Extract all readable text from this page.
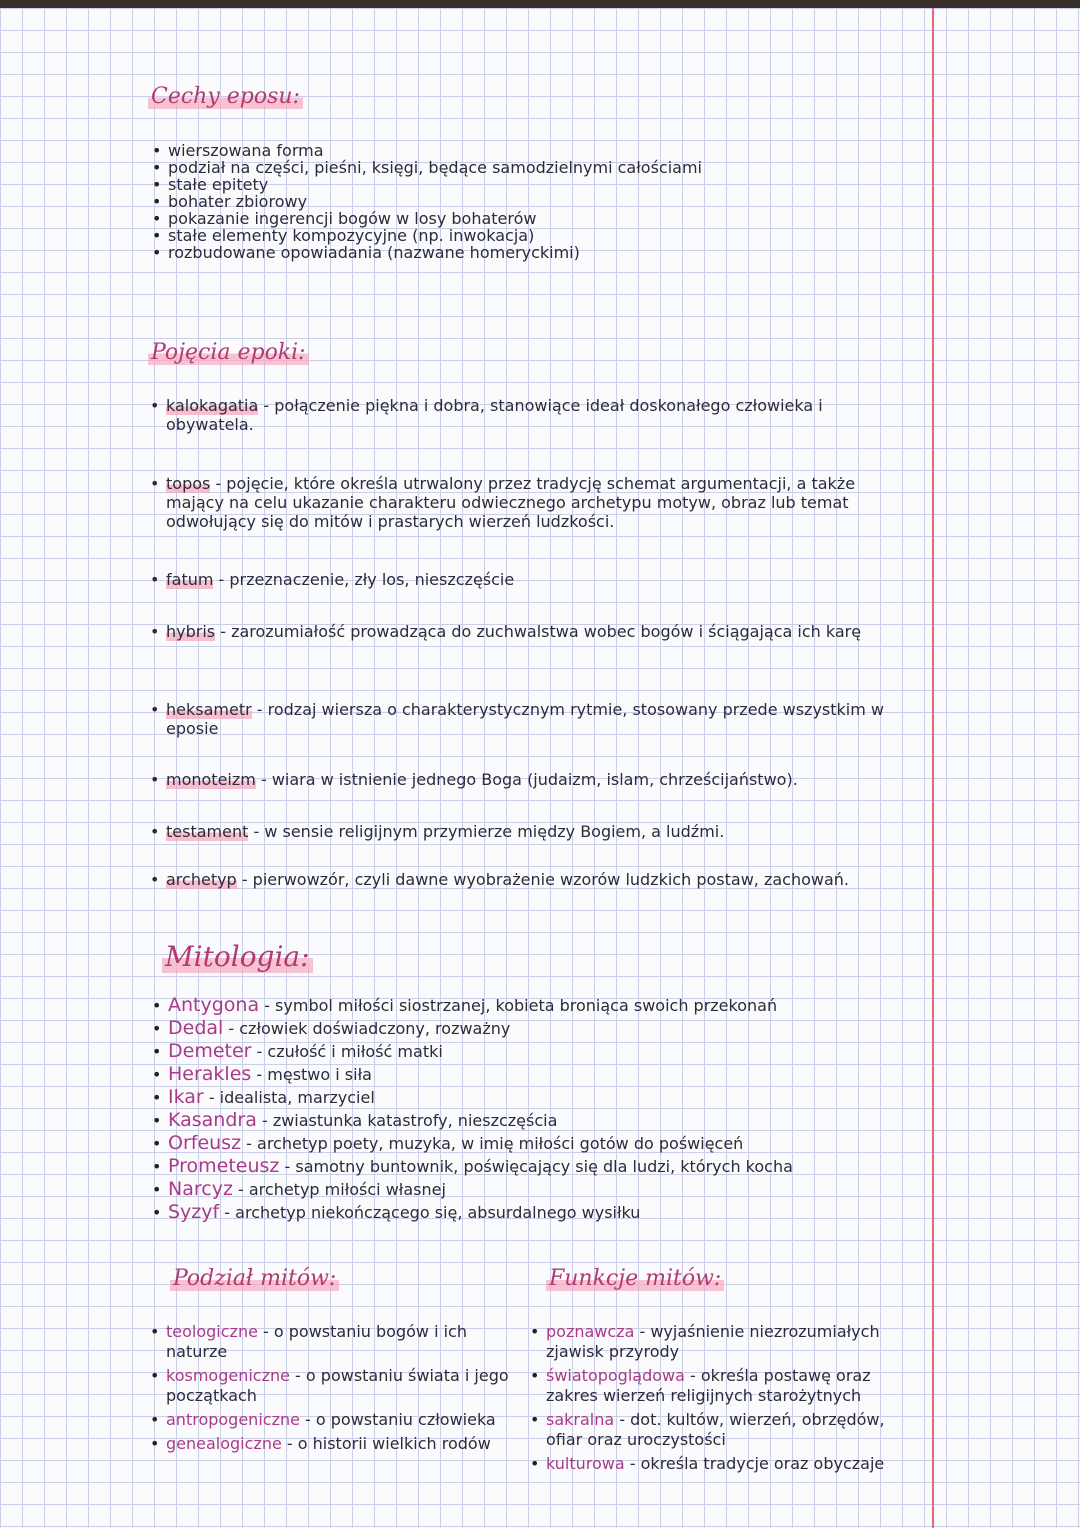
Cechy eposu:
• wierszowana forma
• podział na części, pieśni, księgi, będące samodzielnymi całościami
• stałe epitety
• bohater zbiorowy
• pokazanie ingerencji bogów w losy bohaterów
• stałe elementy kompozycyjne (np. inwokacja)
• rozbudowane opowiadania (nazwane homeryckimi)
Pojęcia epoki:
• kalokagatia - połączenie piękna i dobra, stanowiące ideał doskonałego człowieka i obywatela.
• topos - pojęcie, które określa utrwalony przez tradycję schemat argumentacji, a także mający na celu ukazanie charakteru odwiecznego archetypu motyw, obraz lub temat odwołujący się do mitów i prastarych wierzeń ludzkości.
• fatum - przeznaczenie, zły los, nieszczęście
• hybris - zarozumiałość prowadząca do zuchwalstwa wobec bogów i ściągająca ich karę
• heksametr - rodzaj wiersza o charakterystycznym rytmie, stosowany przede wszystkim w eposie
• monoteizm - wiara w istnienie jednego Boga (judaizm, islam, chrześcijaństwo).
• testament - w sensie religijnym przymierze między Bogiem, a ludźmi.
• archetyp - pierwowzór, czyli dawne wyobrażenie wzorów ludzkich postaw, zachowań.
Mitologia:
• Antygona - symbol miłości siostrzanej, kobieta broniąca swoich przekonań
• Dedal - człowiek doświadczony, rozważny
• Demeter - czułość i miłość matki
• Herakles - męstwo i siła
• Ikar - idealista, marzyciel
• Kasandra - zwiastunka katastrofy, nieszczęścia
• Orfeusz - archetyp poety, muzyka, w imię miłości gotów do poświęceń
• Prometeusz - samotny buntownik, poświęcający się dla ludzi, których kocha
• Narcyz - archetyp miłości własnej
• Syzyf - archetyp niekończącego się, absurdalnego wysiłku
Podział mitów:
• teologiczne - o powstaniu bogów i ich naturze
• kosmogeniczne - o powstaniu świata i jego początkach
• antropogeniczne - o powstaniu człowieka
• genealogiczne - o historii wielkich rodów
Funkcje mitów:
• poznawcza - wyjaśnienie niezrozumiałych zjawisk przyrody
• światopoglądowa - określa postawę oraz zakres wierzeń religijnych starożytnych
• sakralna - dot. kultów, wierzeń, obrzędów, ofiar oraz uroczystości
• kulturowa - określa tradycje oraz obyczaje
